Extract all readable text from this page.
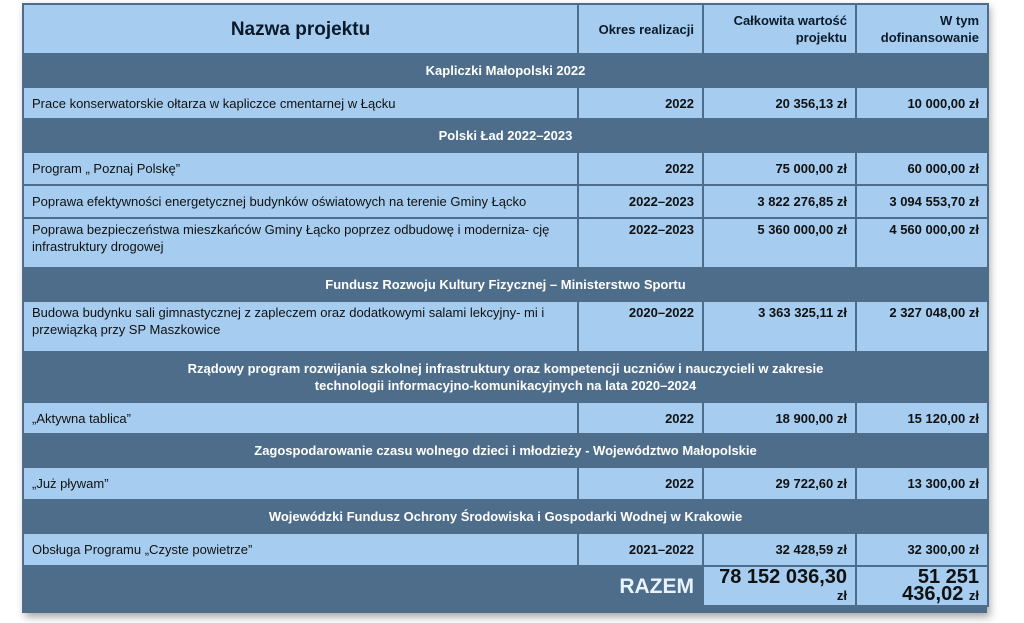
Nazwa projektu	Okres realizacji	Całkowita wartość projektu	W tym dofinansowanie
Kapliczki Małopolski 2022			
Prace konserwatorskie ołtarza w kapliczce cmentarnej w Łącku	2022	20 356,13 zł	10 000,00 zł
Polski Ład 2022–2023			
Program „ Poznaj Polskę”	2022	75 000,00 zł	60 000,00 zł
Poprawa efektywności energetycznej budynków oświatowych na terenie Gminy Łącko	2022–2023	3 822 276,85 zł	3 094 553,70 zł
Poprawa bezpieczeństwa mieszkańców Gminy Łącko poprzez odbudowę i moderniza- cję infrastruktury drogowej	2022–2023	5 360 000,00 zł	4 560 000,00 zł
Fundusz Rozwoju Kultury Fizycznej – Ministerstwo Sportu			
Budowa budynku sali gimnastycznej z zapleczem oraz dodatkowymi salami lekcyjny- mi i przewiązką przy SP Maszkowice	2020–2022	3 363 325,11 zł	2 327 048,00 zł
Rządowy program rozwijania szkolnej infrastruktury oraz kompetencji uczniów i nauczycieli w zakresie technologii informacyjno-komunikacyjnych na lata 2020–2024			
„Aktywna tablica”	2022	18 900,00 zł	15 120,00 zł
Zagospodarowanie czasu wolnego dzieci i młodzieży - Województwo Małopolskie			
„Już pływam”	2022	29 722,60 zł	13 300,00 zł
Wojewódzki Fundusz Ochrony Środowiska i Gospodarki Wodnej w Krakowie			
Obsługa Programu „Czyste powietrze”	2021–2022	32 428,59 zł	32 300,00 zł
RAZEM		78 152 036,30 zł	51 251 436,02 zł
